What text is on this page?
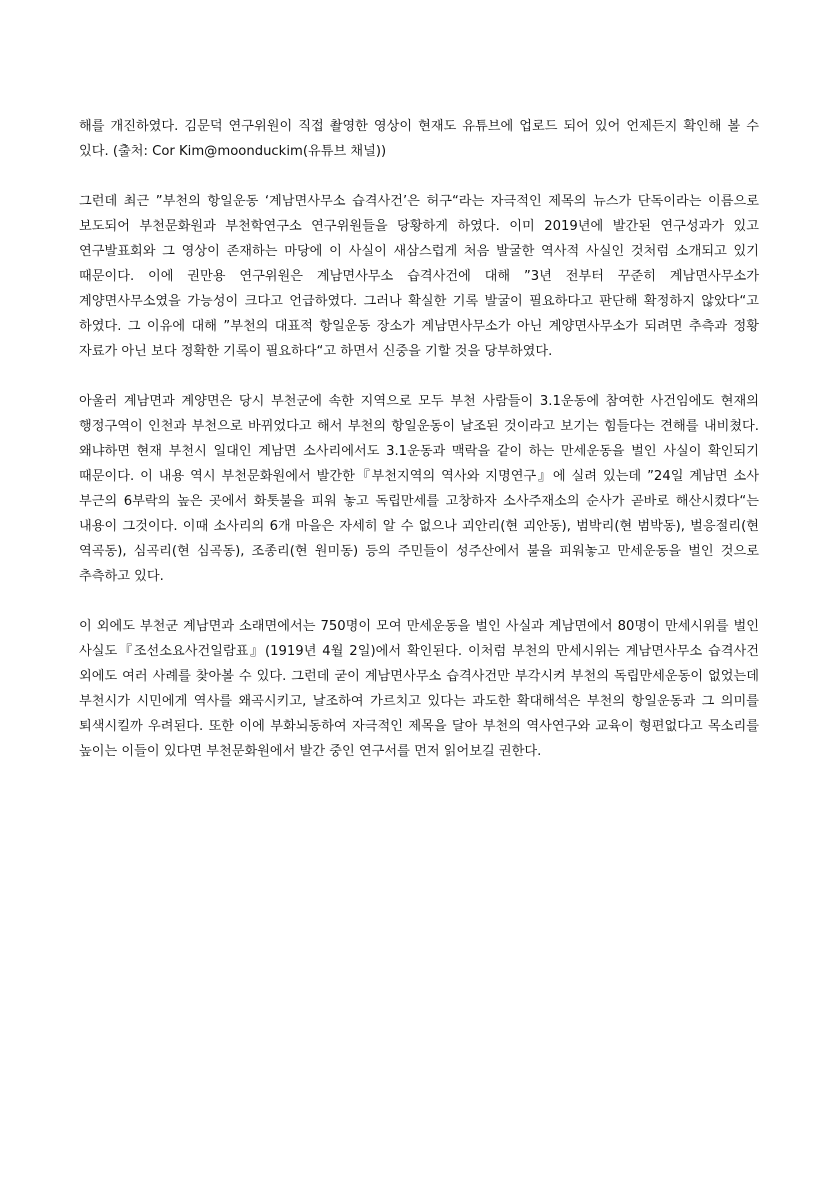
해를 개진하였다. 김문덕 연구위원이 직접 촬영한 영상이 현재도 유튜브에 업로드 되어 있어 언제든지 확인해 볼 수 있다. (출처: Cor Kim@moonduckim(유튜브 채널))

그런데 최근 ”부천의 항일운동 ‘계남면사무소 습격사건’은 허구“라는 자극적인 제목의 뉴스가 단독이라는 이름으로 보도되어 부천문화원과 부천학연구소 연구위원들을 당황하게 하였다. 이미 2019년에 발간된 연구성과가 있고 연구발표회와 그 영상이 존재하는 마당에 이 사실이 새삼스럽게 처음 발굴한 역사적 사실인 것처럼 소개되고 있기 때문이다. 이에 권만용 연구위원은 계남면사무소 습격사건에 대해 ”3년 전부터 꾸준히 계남면사무소가 계양면사무소였을 가능성이 크다고 언급하였다. 그러나 확실한 기록 발굴이 필요하다고 판단해 확정하지 않았다“고 하였다. 그 이유에 대해 ”부천의 대표적 항일운동 장소가 계남면사무소가 아닌 계양면사무소가 되려면 추측과 정황 자료가 아닌 보다 정확한 기록이 필요하다“고 하면서 신중을 기할 것을 당부하였다.

아울러 계남면과 계양면은 당시 부천군에 속한 지역으로 모두 부천 사람들이 3.1운동에 참여한 사건임에도 현재의 행정구역이 인천과 부천으로 바뀌었다고 해서 부천의 항일운동이 날조된 것이라고 보기는 힘들다는 견해를 내비쳤다. 왜냐하면 현재 부천시 일대인 계남면 소사리에서도 3.1운동과 맥락을 같이 하는 만세운동을 벌인 사실이 확인되기 때문이다. 이 내용 역시 부천문화원에서 발간한『부천지역의 역사와 지명연구』에 실려 있는데 ”24일 계남면 소사 부근의 6부락의 높은 곳에서 화톳불을 피워 놓고 독립만세를 고창하자 소사주재소의 순사가 곧바로 해산시켰다“는 내용이 그것이다. 이때 소사리의 6개 마을은 자세히 알 수 없으나 괴안리(현 괴안동), 범박리(현 범박동), 벌응절리(현 역곡동), 심곡리(현 심곡동), 조종리(현 원미동) 등의 주민들이 성주산에서 불을 피워놓고 만세운동을 벌인 것으로 추측하고 있다.

이 외에도 부천군 계남면과 소래면에서는 750명이 모여 만세운동을 벌인 사실과 계남면에서 80명이 만세시위를 벌인 사실도『조선소요사건일람표』(1919년 4월 2일)에서 확인된다. 이처럼 부천의 만세시위는 계남면사무소 습격사건 외에도 여러 사례를 찾아볼 수 있다. 그런데 굳이 계남면사무소 습격사건만 부각시켜 부천의 독립만세운동이 없었는데 부천시가 시민에게 역사를 왜곡시키고, 날조하여 가르치고 있다는 과도한 확대해석은 부천의 항일운동과 그 의미를 퇴색시킬까 우려된다. 또한 이에 부화뇌동하여 자극적인 제목을 달아 부천의 역사연구와 교육이 형편없다고 목소리를 높이는 이들이 있다면 부천문화원에서 발간 중인 연구서를 먼저 읽어보길 권한다.
